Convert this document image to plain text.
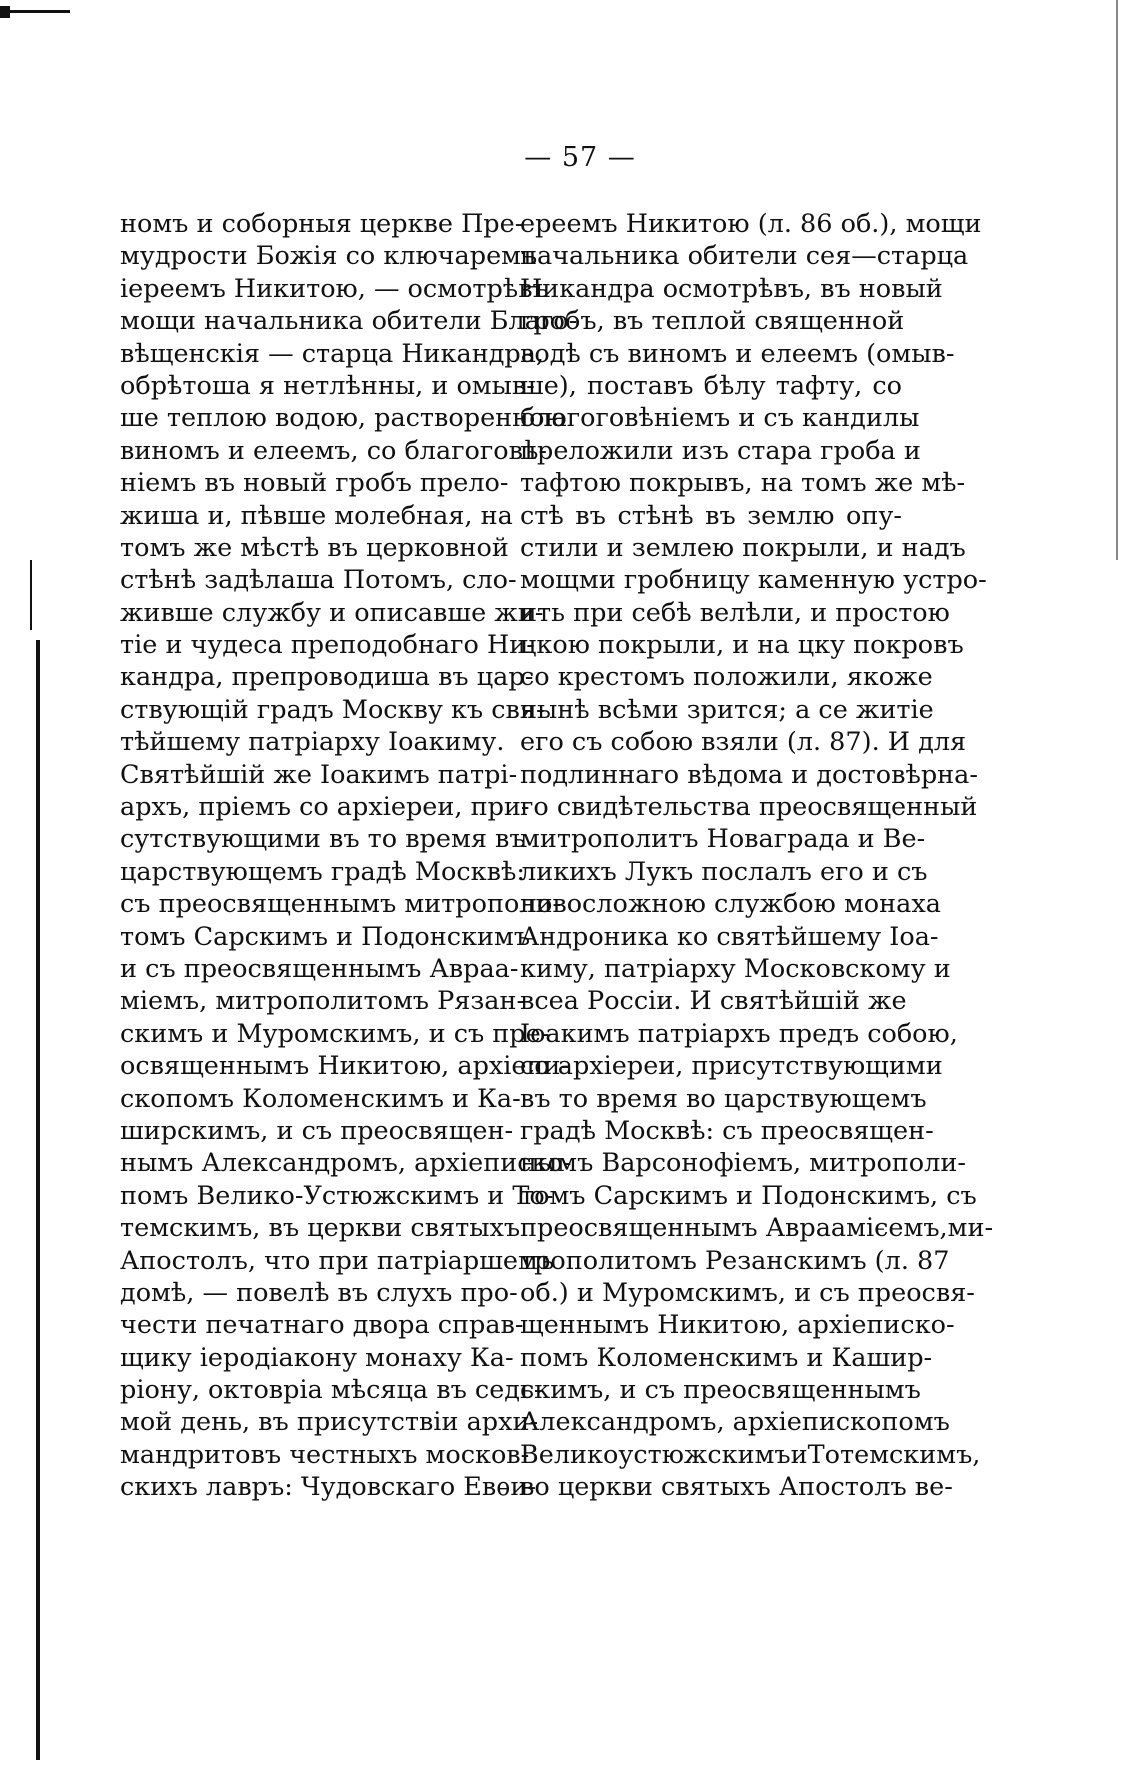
— 57 —
номъ и соборныя церкве Пре-
мудрости Божія со ключаремъ
іереемъ Никитою, — осмотрѣвъ
мощи начальника обители Благо-
вѣщенскія — старца Никандра,
обрѣтоша я нетлѣнны, и омыв-
ше теплою водою, растворенною
виномъ и елеемъ, со благоговѣ-
ніемъ въ новый гробъ прело-
жиша и, пѣвше молебная, на
томъ же мѣстѣ въ церковной
стѣнѣ задѣлаша Потомъ, сло-
живше службу и описавше жи-
тіе и чудеса преподобнаго Ни-
кандра, препроводиша въ цар-
ствующій градъ Москву къ свя-
тѣйшему патріарху Іоакиму.
Святѣйшій же Іоакимъ патрі-
архъ, пріемъ со архіереи, при-
сутствующими въ то время въ
царствующемъ градѣ Москвѣ:
съ преосвященнымъ митрополи-
томъ Сарскимъ и Подонскимъ
и съ преосвященнымъ Авраа-
міемъ, митрополитомъ Рязан-
скимъ и Муромскимъ, и съ пре-
освященнымъ Никитою, архіепи-
скопомъ Коломенскимъ и Ка-
ширскимъ, и съ преосвящен-
нымъ Александромъ, архіеписко-
помъ Велико-Устюжскимъ и То-
темскимъ, въ церкви святыхъ
Апостолъ, что при патріаршемъ
домѣ, — повелѣ въ слухъ про-
чести печатнаго двора справ-
щику іеродіакону монаху Ка-
ріону, октовріа мѣсяца въ седь-
мой день, въ присутствіи архи-
мандритовъ честныхъ москов-
скихъ лавръ: Чудовскаго Евѳи-
ереемъ Никитою (л. 86 об.), мощи
начальника обители сея—старца
Никандра осмотрѣвъ, въ новый
гробъ, въ теплой священной
водѣ съ виномъ и елеемъ (омыв-
ше), поставъ бѣлу тафту, со
благоговѣніемъ и съ кандилы
преложили изъ стара гроба и
тафтою покрывъ, на томъ же мѣ-
стѣ въ стѣнѣ въ землю опу-
стили и землею покрыли, и надъ
мощми гробницу каменную устро-
ить при себѣ велѣли, и простою
цкою покрыли, и на цку покровъ
со крестомъ положили, якоже
нынѣ всѣми зрится; а се житіе
его съ собою взяли (л. 87). И для
подлиннаго вѣдома и достовѣрна-
го свидѣтельства преосвященный
митрополитъ Новаграда и Ве-
ликихъ Лукъ послалъ его и съ
новосложною службою монаха
Андроника ко святѣйшему Іоа-
киму, патріарху Московскому и
всеа Россіи. И святѣйшій же
Іоакимъ патріархъ предъ собою,
со архіереи, присутствующими
въ то время во царствующемъ
градѣ Москвѣ: съ преосвящен-
нымъ Варсонофіемъ, митрополи-
томъ Сарскимъ и Подонскимъ, съ
преосвященнымъ Авраамієемъ,ми-
трополитомъ Резанскимъ (л. 87
об.) и Муромскимъ, и съ преосвя-
щеннымъ Никитою, архіеписко-
помъ Коломенскимъ и Кашир-
скимъ, и съ преосвященнымъ
Александромъ, архіепископомъ
ВеликоустюжскимъиТотемскимъ,
во церкви святыхъ Апостолъ ве-
